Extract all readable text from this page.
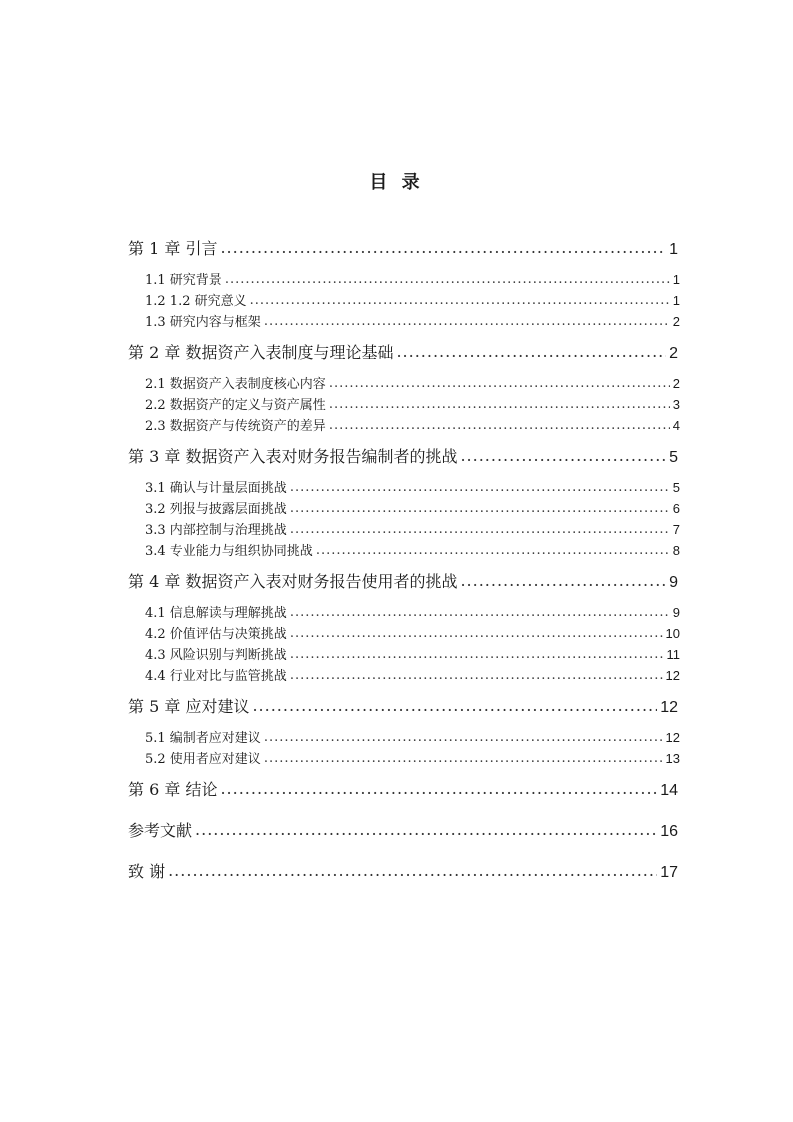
目 录
第 1 章 引言 .....	1
1.1 研究背景 .....	1
1.2 1.2 研究意义 .....	1
1.3 研究内容与框架 .....	2
第 2 章 数据资产入表制度与理论基础 .....	2
2.1 数据资产入表制度核心内容 .....	2
2.2 数据资产的定义与资产属性 .....	3
2.3 数据资产与传统资产的差异 .....	4
第 3 章 数据资产入表对财务报告编制者的挑战 .....	5
3.1 确认与计量层面挑战 .....	5
3.2 列报与披露层面挑战 .....	6
3.3 内部控制与治理挑战 .....	7
3.4 专业能力与组织协同挑战 .....	8
第 4 章 数据资产入表对财务报告使用者的挑战 .....	9
4.1 信息解读与理解挑战 .....	9
4.2 价值评估与决策挑战 .....	10
4.3 风险识别与判断挑战 .....	11
4.4 行业对比与监管挑战 .....	12
第 5 章 应对建议 .....	12
5.1 编制者应对建议 .....	12
5.2 使用者应对建议 .....	13
第 6 章 结论 .....	14
参考文献 .....	16
致 谢 .....	17
